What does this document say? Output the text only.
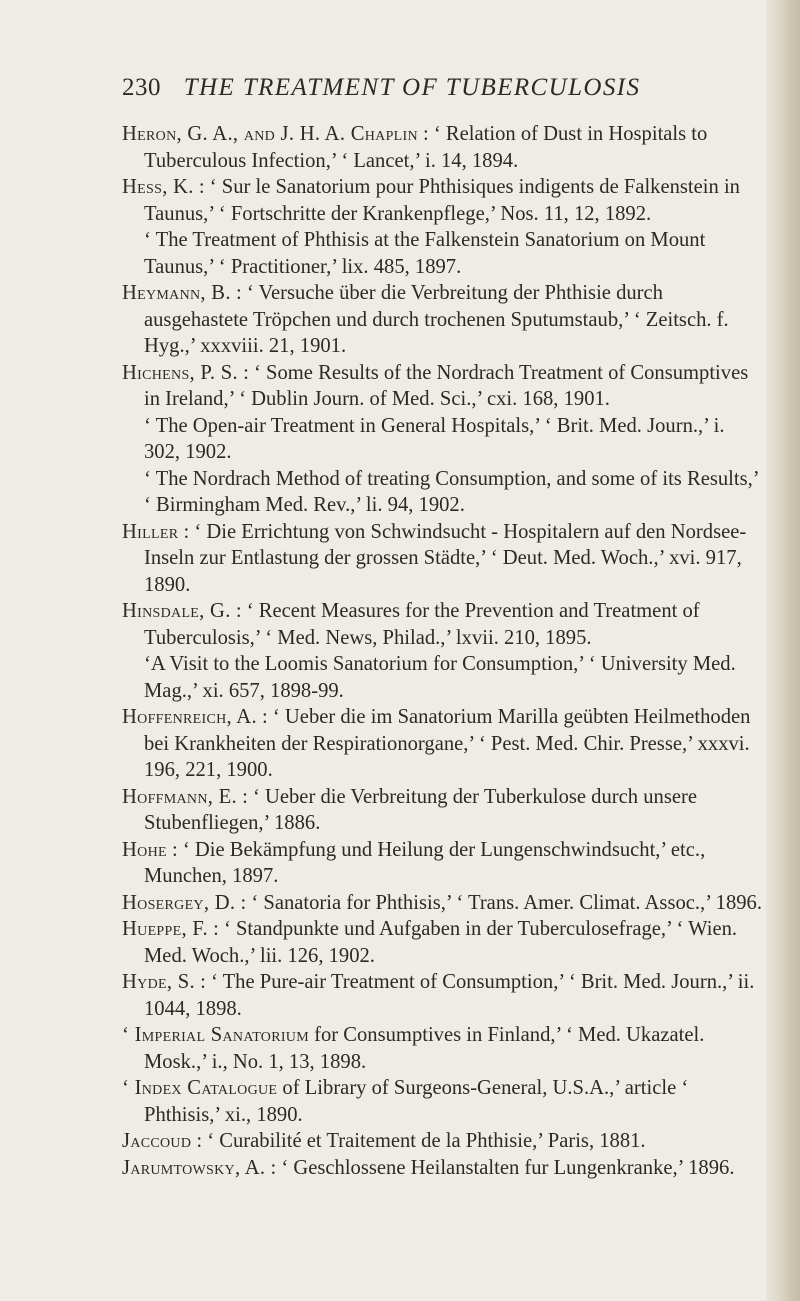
230 THE TREATMENT OF TUBERCULOSIS

Heron, G. A., and J. H. A. Chaplin : ‘ Relation of Dust in Hospitals to Tuberculous Infection,’ ‘ Lancet,’ i. 14, 1894.

Hess, K. : ‘ Sur le Sanatorium pour Phthisiques indigents de Falkenstein in Taunus,’ ‘ Fortschritte der Krankenpflege,’ Nos. 11, 12, 1892.

‘ The Treatment of Phthisis at the Falkenstein Sanatorium on Mount Taunus,’ ‘ Practitioner,’ lix. 485, 1897.

Heymann, B. : ‘ Versuche über die Verbreitung der Phthisie durch ausgehastete Tröpchen und durch trochenen Sputumstaub,’ ‘ Zeitsch. f. Hyg.,’ xxxviii. 21, 1901.

Hichens, P. S. : ‘ Some Results of the Nordrach Treatment of Consumptives in Ireland,’ ‘ Dublin Journ. of Med. Sci.,’ cxi. 168, 1901.

‘ The Open-air Treatment in General Hospitals,’ ‘ Brit. Med. Journ.,’ i. 302, 1902.

‘ The Nordrach Method of treating Consumption, and some of its Results,’ ‘ Birmingham Med. Rev.,’ li. 94, 1902.

Hiller : ‘ Die Errichtung von Schwindsucht - Hospitalern auf den Nordsee-Inseln zur Entlastung der grossen Städte,’ ‘ Deut. Med. Woch.,’ xvi. 917, 1890.

Hinsdale, G. : ‘ Recent Measures for the Prevention and Treatment of Tuberculosis,’ ‘ Med. News, Philad.,’ lxvii. 210, 1895.

‘A Visit to the Loomis Sanatorium for Consumption,’ ‘ University Med. Mag.,’ xi. 657, 1898-99.

Hoffenreich, A. : ‘ Ueber die im Sanatorium Marilla geübten Heilmethoden bei Krankheiten der Respirationorgane,’ ‘ Pest. Med. Chir. Presse,’ xxxvi. 196, 221, 1900.

Hoffmann, E. : ‘ Ueber die Verbreitung der Tuberkulose durch unsere Stubenfliegen,’ 1886.

Hohe : ‘ Die Bekämpfung und Heilung der Lungenschwindsucht,’ etc., Munchen, 1897.

Hosergey, D. : ‘ Sanatoria for Phthisis,’ ‘ Trans. Amer. Climat. Assoc.,’ 1896.

Hueppe, F. : ‘ Standpunkte und Aufgaben in der Tuberculosefrage,’ ‘ Wien. Med. Woch.,’ lii. 126, 1902.

Hyde, S. : ‘ The Pure-air Treatment of Consumption,’ ‘ Brit. Med. Journ.,’ ii. 1044, 1898.

‘ Imperial Sanatorium for Consumptives in Finland,’ ‘ Med. Ukazatel. Mosk.,’ i., No. 1, 13, 1898.

‘ Index Catalogue of Library of Surgeons-General, U.S.A.,’ article ‘ Phthisis,’ xi., 1890.

Jaccoud : ‘ Curabilité et Traitement de la Phthisie,’ Paris, 1881.

Jarumtowsky, A. : ‘ Geschlossene Heilanstalten fur Lungenkranke,’ 1896.
